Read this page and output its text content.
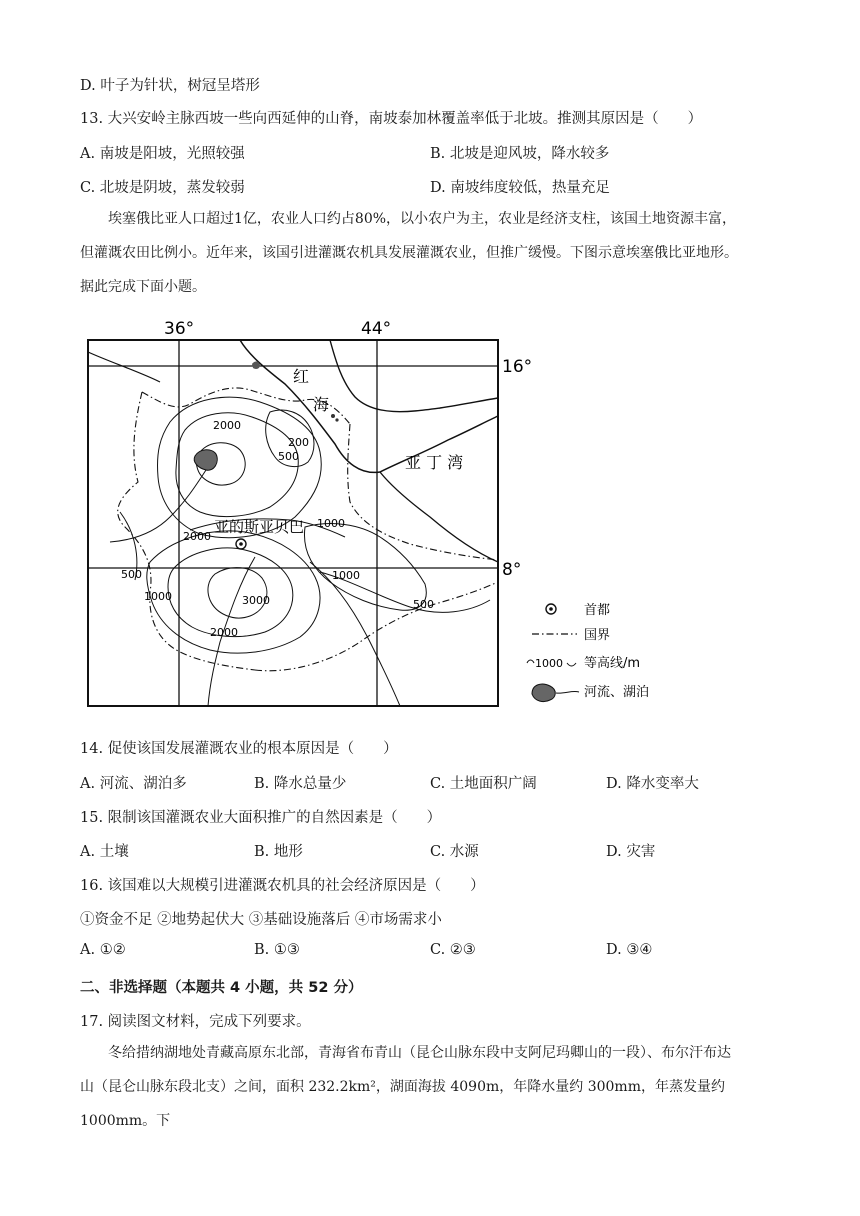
D. 叶子为针状，树冠呈塔形
13. 大兴安岭主脉西坡一些向西延伸的山脊，南坡泰加林覆盖率低于北坡。推测其原因是（　　）
A. 南坡是阳坡，光照较强	B. 北坡是迎风坡，降水较多
C. 北坡是阴坡，蒸发较弱	D. 南坡纬度较低，热量充足
埃塞俄比亚人口超过1亿，农业人口约占80%，以小农户为主，农业是经济支柱，该国土地资源丰富，
但灌溉农田比例小。近年来，该国引进灌溉农机具发展灌溉农业，但推广缓慢。下图示意埃塞俄比亚地形。
据此完成下面小题。
36°	44°
16°
8°
红
海
亚 丁 湾
2000
200
500
1000
2000
1000
500
1000	3000	500
2000
亚的斯亚贝巴
首都
国界
1000 等高线/m
河流、湖泊
14. 促使该国发展灌溉农业的根本原因是（　　）
A. 河流、湖泊多	B. 降水总量少	C. 土地面积广阔	D. 降水变率大
15. 限制该国灌溉农业大面积推广的自然因素是（　　）
A. 土壤	B. 地形	C. 水源	D. 灾害
16. 该国难以大规模引进灌溉农机具的社会经济原因是（　　）
①资金不足 ②地势起伏大 ③基础设施落后 ④市场需求小
A. ①②	B. ①③	C. ②③	D. ③④
二、非选择题（本题共 4 小题，共 52 分）
17. 阅读图文材料，完成下列要求。
冬给措纳湖地处青藏高原东北部，青海省布青山（昆仑山脉东段中支阿尼玛卿山的一段）、布尔汗布达
山（昆仑山脉东段北支）之间，面积 232.2km²，湖面海拔 4090m，年降水量约 300mm，年蒸发量约 1000mm。下
